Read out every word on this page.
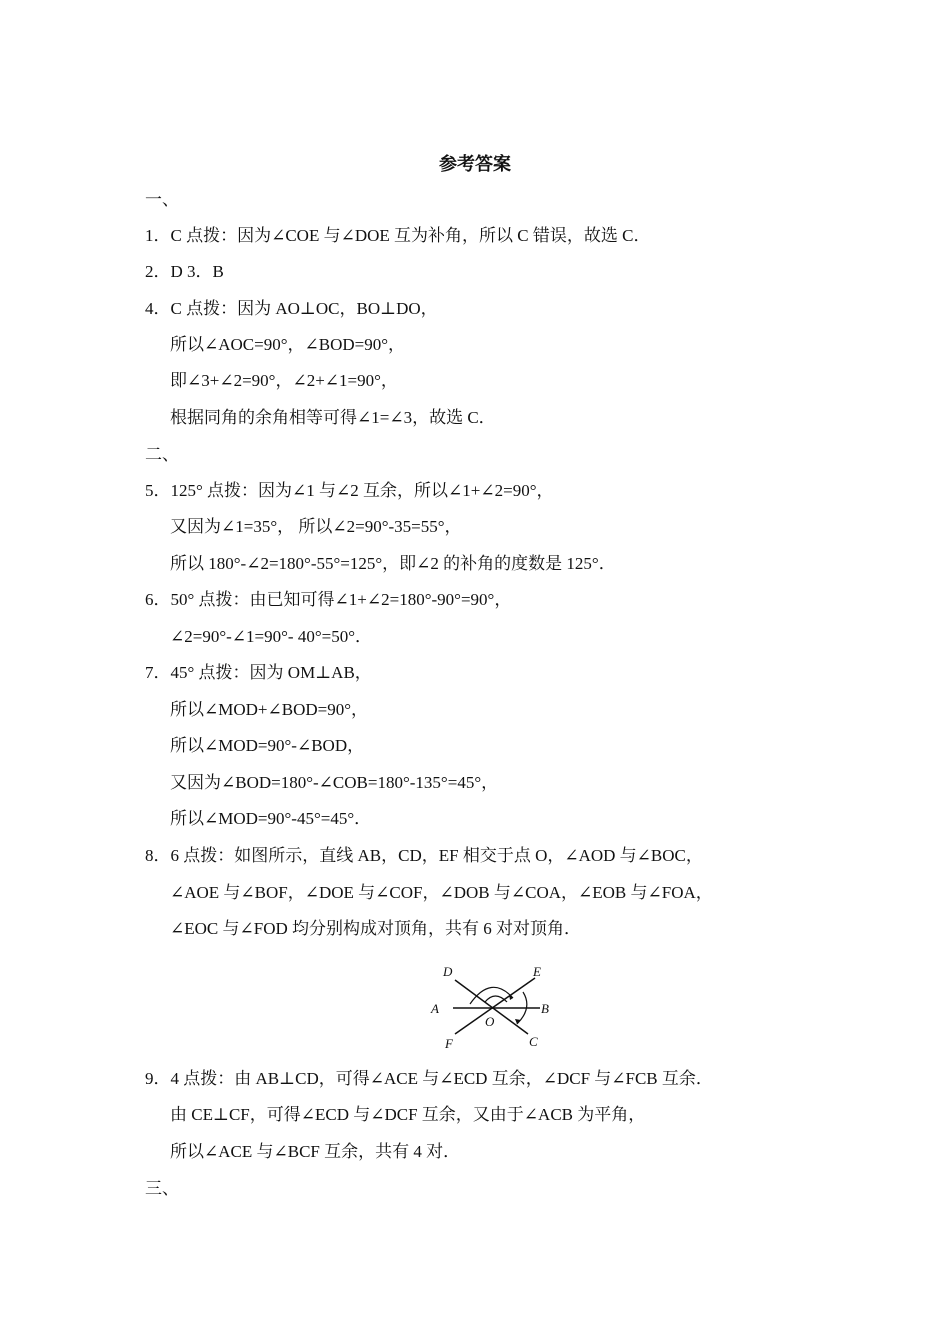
参考答案
一、
1．C 点拨：因为∠COE 与∠DOE 互为补角，所以 C 错误，故选 C．
2．D 3．B
4．C 点拨：因为 AO⊥OC，BO⊥DO，
所以∠AOC=90°，∠BOD=90°，
即∠3+∠2=90°，∠2+∠1=90°，
根据同角的余角相等可得∠1=∠3，故选 C．
二、
5．125° 点拨：因为∠1 与∠2 互余，所以∠1+∠2=90°，
又因为∠1=35°， 所以∠2=90°-35=55°，
所以 180°-∠2=180°-55°=125°，即∠2 的补角的度数是 125°．
6．50° 点拨：由已知可得∠1+∠2=180°-90°=90°，
∠2=90°-∠1=90°- 40°=50°．
7．45° 点拨：因为 OM⊥AB，
所以∠MOD+∠BOD=90°，
所以∠MOD=90°-∠BOD，
又因为∠BOD=180°-∠COB=180°-135°=45°，
所以∠MOD=90°-45°=45°．
8．6 点拨：如图所示，直线 AB，CD，EF 相交于点 O，∠AOD 与∠BOC，
∠AOE 与∠BOF，∠DOE 与∠COF，∠DOB 与∠COA，∠EOB 与∠FOA，
∠EOC 与∠FOD 均分别构成对顶角，共有 6 对对顶角．
D	E
A
O
B
F	C
9．4 点拨：由 AB⊥CD，可得∠ACE 与∠ECD 互余，∠DCF 与∠FCB 互余．
由 CE⊥CF，可得∠ECD 与∠DCF 互余，又由于∠ACB 为平角，
所以∠ACE 与∠BCF 互余，共有 4 对．
三、
